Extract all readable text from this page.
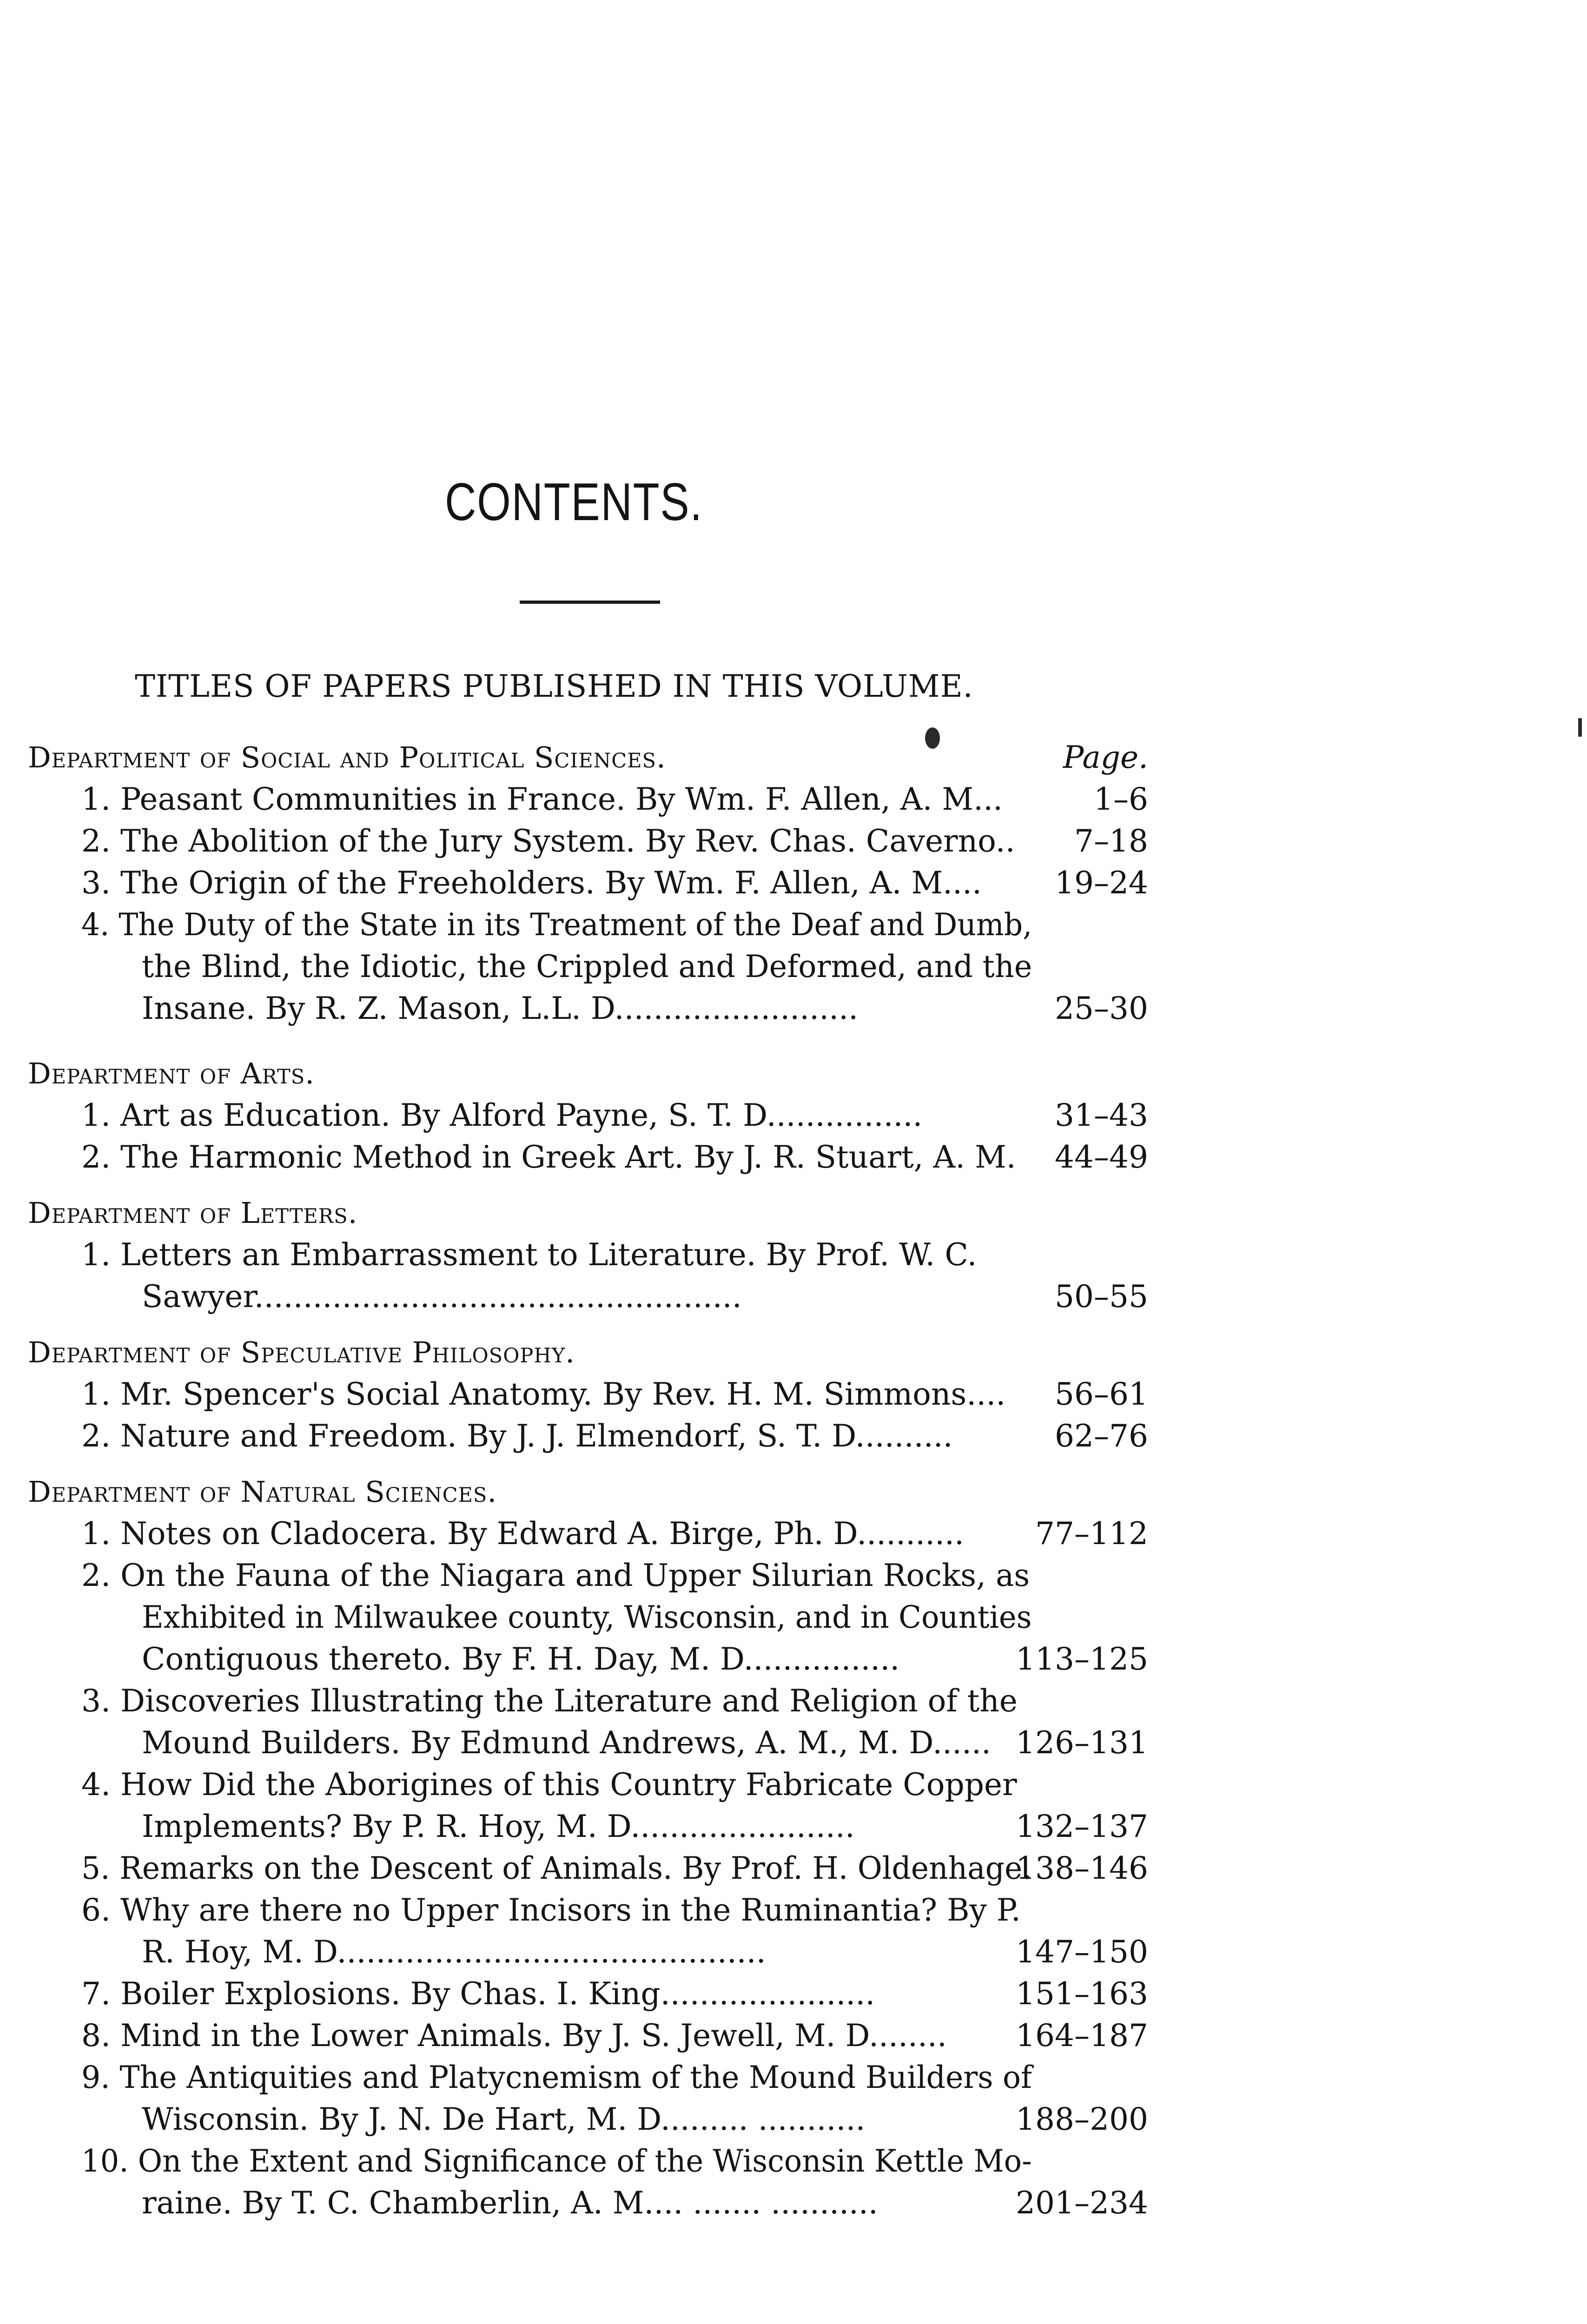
CONTENTS.
TITLES OF PAPERS PUBLISHED IN THIS VOLUME.
Department of Social and Political Sciences.	Page.
1. Peasant Communities in France. By Wm. F. Allen, A. M...	1–6
2. The Abolition of the Jury System. By Rev. Chas. Caverno.. 7–18
3. The Origin of the Freeholders. By Wm. F. Allen, A. M.... 19–24
4. The Duty of the State in its Treatment of the Deaf and Dumb,
the Blind, the Idiotic, the Crippled and Deformed, and the
Insane. By R. Z. Mason, L.L. D.........................	25–30
Department of Arts.
1. Art as Education. By Alford Payne, S. T. D................	31–43
2. The Harmonic Method in Greek Art. By J. R. Stuart, A. M. 44–49
Department of Letters.
1. Letters an Embarrassment to Literature. By Prof. W. C.
Sawyer..................................................	50–55
Department of Speculative Philosophy.
1. Mr. Spencer's Social Anatomy. By Rev. H. M. Simmons.... 56–61
2. Nature and Freedom. By J. J. Elmendorf, S. T. D..........	62–76
Department of Natural Sciences.
1. Notes on Cladocera. By Edward A. Birge, Ph. D........... 77–112
2. On the Fauna of the Niagara and Upper Silurian Rocks, as
Exhibited in Milwaukee county, Wisconsin, and in Counties
Contiguous thereto. By F. H. Day, M. D................	113–125
3. Discoveries Illustrating the Literature and Religion of the
Mound Builders. By Edmund Andrews, A. M., M. D...... 126–131
4. How Did the Aborigines of this Country Fabricate Copper
Implements? By P. R. Hoy, M. D.......................	132–137
5. Remarks on the Descent of Animals. By Prof. H. Oldenhage.
138–146
6. Why are there no Upper Incisors in the Ruminantia? By P.
R. Hoy, M. D............................................	147–150
7. Boiler Explosions. By Chas. I. King......................	151–163
8. Mind in the Lower Animals. By J. S. Jewell, M. D........ 164–187
9. The Antiquities and Platycnemism of the Mound Builders of
Wisconsin. By J. N. De Hart, M. D......... ...........	188–200
10. On the Extent and Significance of the Wisconsin Kettle Mo-
raine. By T. C. Chamberlin, A. M.... ....... ...........	201–234
